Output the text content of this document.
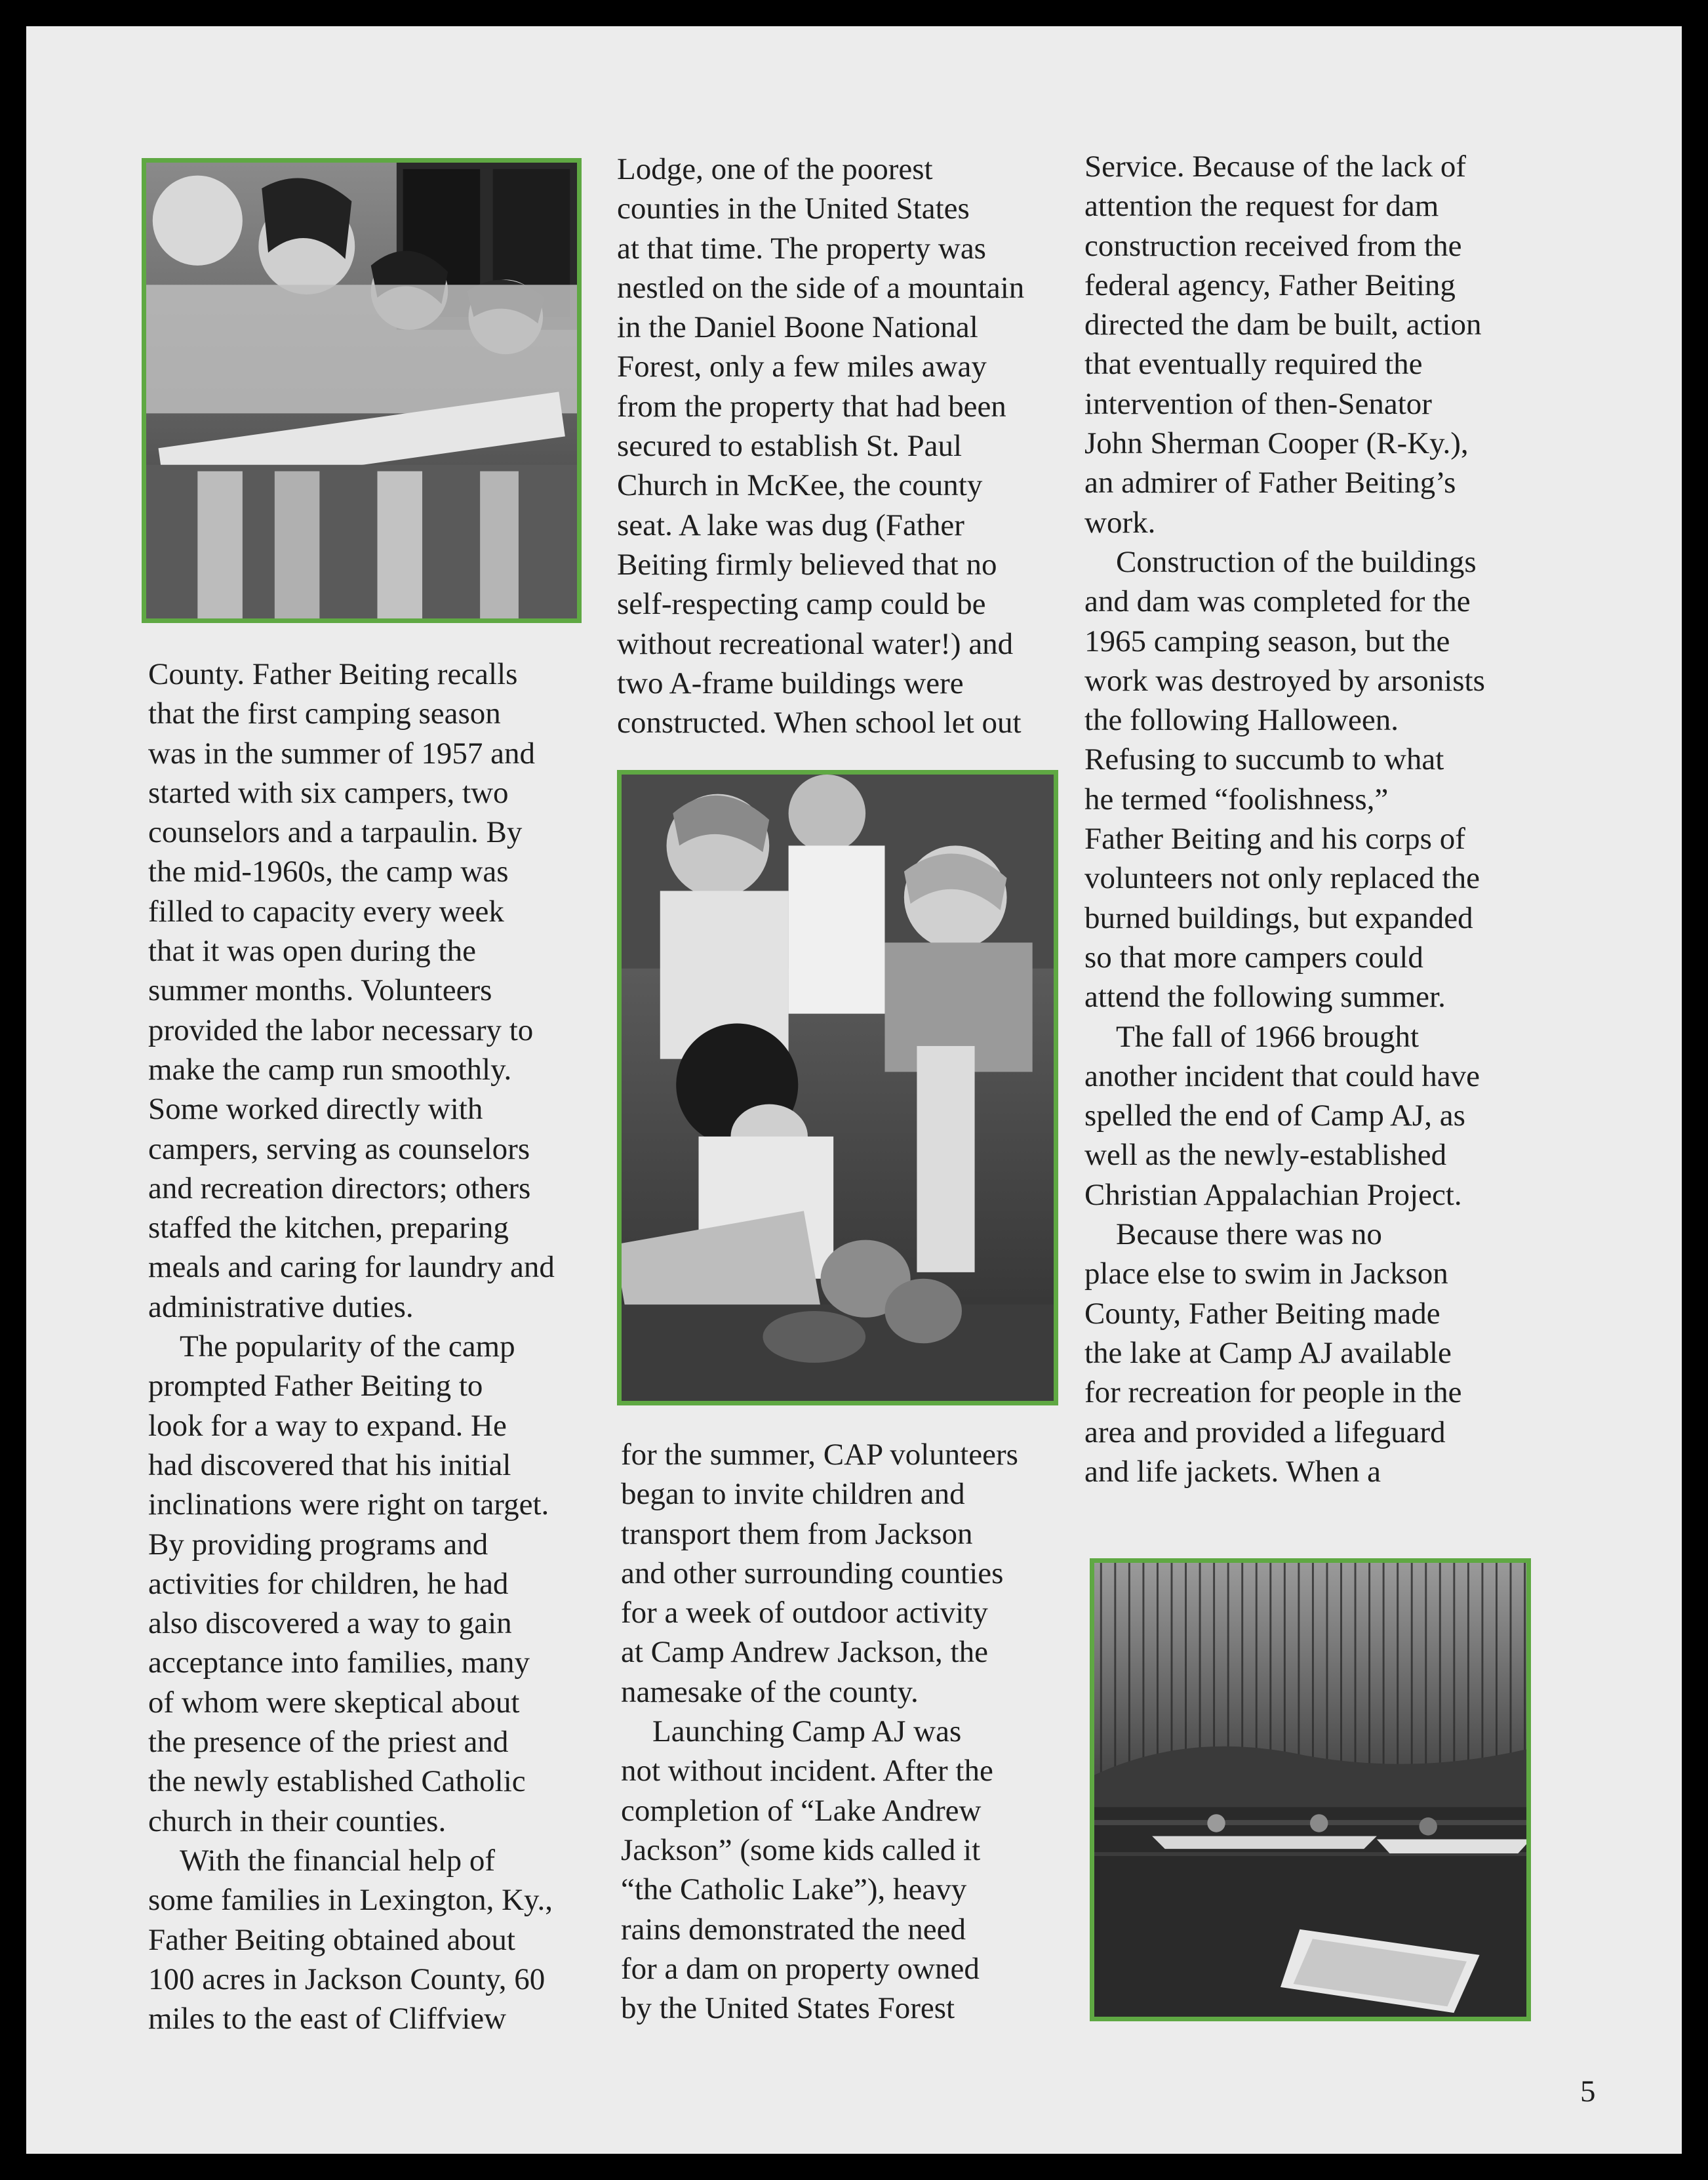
County. Father Beiting recalls
that the first camping season
was in the summer of 1957 and
started with six campers, two
counselors and a tarpaulin. By
the mid-1960s, the camp was
filled to capacity every week
that it was open during the
summer months. Volunteers
provided the labor necessary to
make the camp run smoothly.
Some worked directly with
campers, serving as counselors
and recreation directors; others
staffed the kitchen, preparing
meals and caring for laundry and
administrative duties.
The popularity of the camp
prompted Father Beiting to
look for a way to expand. He
had discovered that his initial
inclinations were right on target.
By providing programs and
activities for children, he had
also discovered a way to gain
acceptance into families, many
of whom were skeptical about
the presence of the priest and
the newly established Catholic
church in their counties.
With the financial help of
some families in Lexington, Ky.,
Father Beiting obtained about
100 acres in Jackson County, 60
miles to the east of Cliffview
Lodge, one of the poorest
counties in the United States
at that time. The property was
nestled on the side of a mountain
in the Daniel Boone National
Forest, only a few miles away
from the property that had been
secured to establish St. Paul
Church in McKee, the county
seat. A lake was dug (Father
Beiting firmly believed that no
self-respecting camp could be
without recreational water!) and
two A-frame buildings were
constructed. When school let out
for the summer, CAP volunteers
began to invite children and
transport them from Jackson
and other surrounding counties
for a week of outdoor activity
at Camp Andrew Jackson, the
namesake of the county.
Launching Camp AJ was
not without incident. After the
completion of “Lake Andrew
Jackson” (some kids called it
“the Catholic Lake”), heavy
rains demonstrated the need
for a dam on property owned
by the United States Forest
Service. Because of the lack of
attention the request for dam
construction received from the
federal agency, Father Beiting
directed the dam be built, action
that eventually required the
intervention of then-Senator
John Sherman Cooper (R-Ky.),
an admirer of Father Beiting’s
work.
Construction of the buildings
and dam was completed for the
1965 camping season, but the
work was destroyed by arsonists
the following Halloween.
Refusing to succumb to what
he termed “foolishness,”
Father Beiting and his corps of
volunteers not only replaced the
burned buildings, but expanded
so that more campers could
attend the following summer.
The fall of 1966 brought
another incident that could have
spelled the end of Camp AJ, as
well as the newly-established
Christian Appalachian Project.
Because there was no
place else to swim in Jackson
County, Father Beiting made
the lake at Camp AJ available
for recreation for people in the
area and provided a lifeguard
and life jackets. When a
5
